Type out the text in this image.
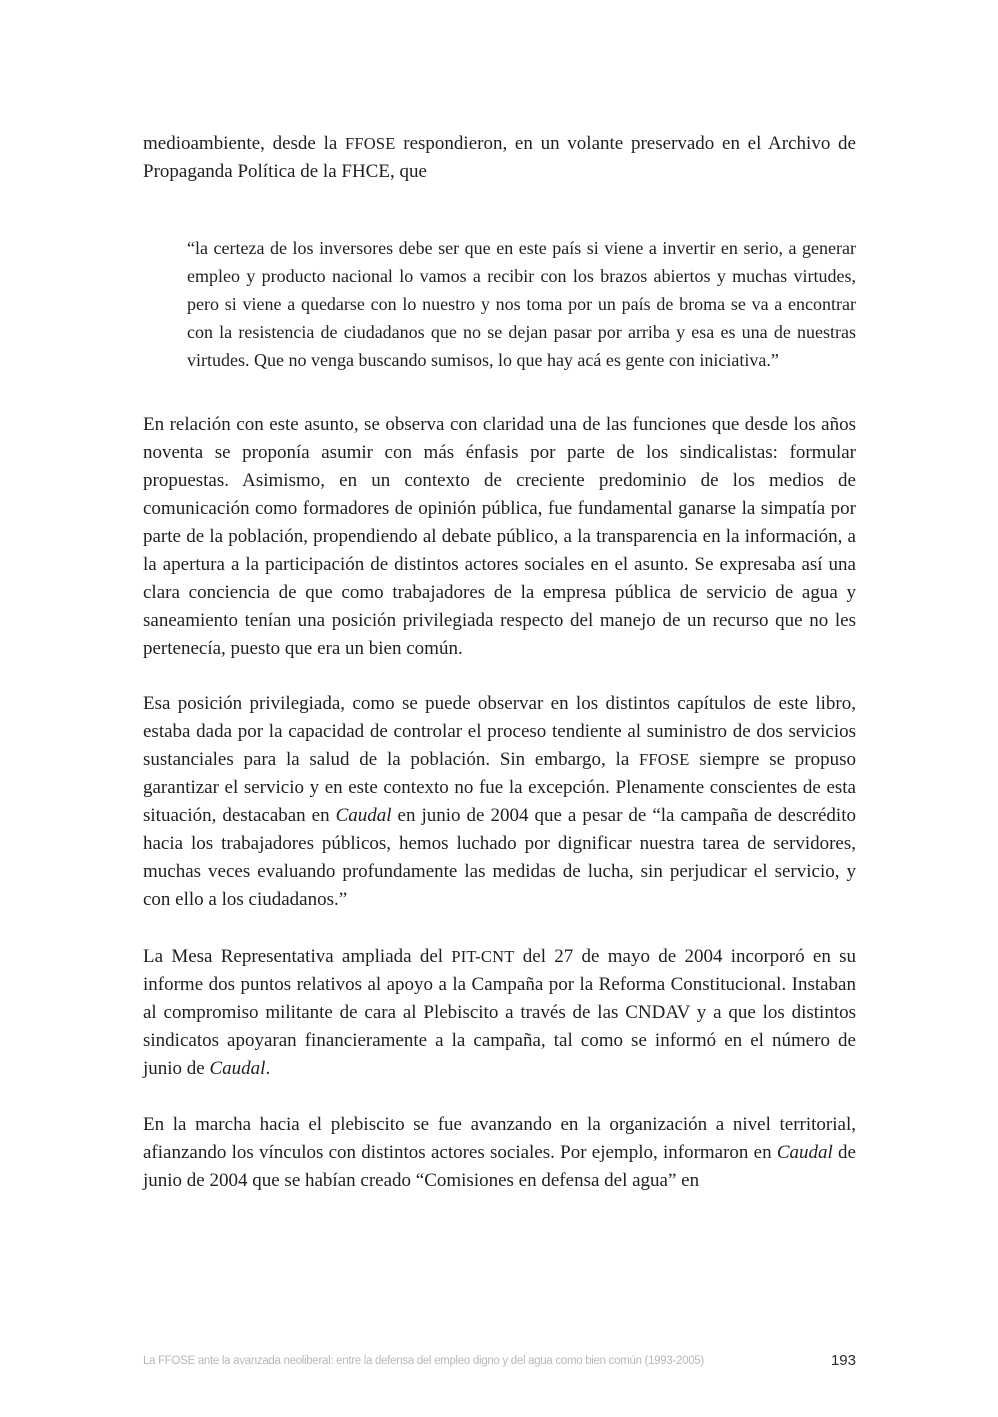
medioambiente, desde la FFOSE respondieron, en un volante preservado en el Archivo de Propaganda Política de la FHCE, que

“la certeza de los inversores debe ser que en este país si viene a invertir en serio, a generar empleo y producto nacional lo vamos a recibir con los brazos abiertos y muchas virtudes, pero si viene a quedarse con lo nuestro y nos toma por un país de broma se va a encontrar con la resistencia de ciudadanos que no se dejan pasar por arriba y esa es una de nuestras virtudes. Que no venga buscando sumisos, lo que hay acá es gente con iniciativa.”

En relación con este asunto, se observa con claridad una de las funciones que desde los años noventa se proponía asumir con más énfasis por parte de los sindicalistas: formular propuestas. Asimismo, en un contexto de creciente predominio de los medios de comunicación como formadores de opinión pública, fue fundamental ganarse la simpatía por parte de la población, propendiendo al debate público, a la transparencia en la información, a la apertura a la participación de distintos actores sociales en el asunto. Se expresaba así una clara conciencia de que como trabajadores de la empresa pública de servicio de agua y saneamiento tenían una posición privilegiada respecto del manejo de un recurso que no les pertenecía, puesto que era un bien común.

Esa posición privilegiada, como se puede observar en los distintos capítulos de este libro, estaba dada por la capacidad de controlar el proceso tendiente al suministro de dos servicios sustanciales para la salud de la población. Sin embargo, la FFOSE siempre se propuso garantizar el servicio y en este contexto no fue la excepción. Plenamente conscientes de esta situación, destacaban en Caudal en junio de 2004 que a pesar de “la campaña de descrédito hacia los trabajadores públicos, hemos luchado por dignificar nuestra tarea de servidores, muchas veces evaluando profundamente las medidas de lucha, sin perjudicar el servicio, y con ello a los ciudadanos.”

La Mesa Representativa ampliada del PIT-CNT del 27 de mayo de 2004 incorporó en su informe dos puntos relativos al apoyo a la Campaña por la Reforma Constitucional. Instaban al compromiso militante de cara al Plebiscito a través de las CNDAV y a que los distintos sindicatos apoyaran financieramente a la campaña, tal como se informó en el número de junio de Caudal.

En la marcha hacia el plebiscito se fue avanzando en la organización a nivel territorial, afianzando los vínculos con distintos actores sociales. Por ejemplo, informaron en Caudal de junio de 2004 que se habían creado “Comisiones en defensa del agua” en

La FFOSE ante la avanzada neoliberal: entre la defensa del empleo digno y del agua como bien común (1993-2005)	193
